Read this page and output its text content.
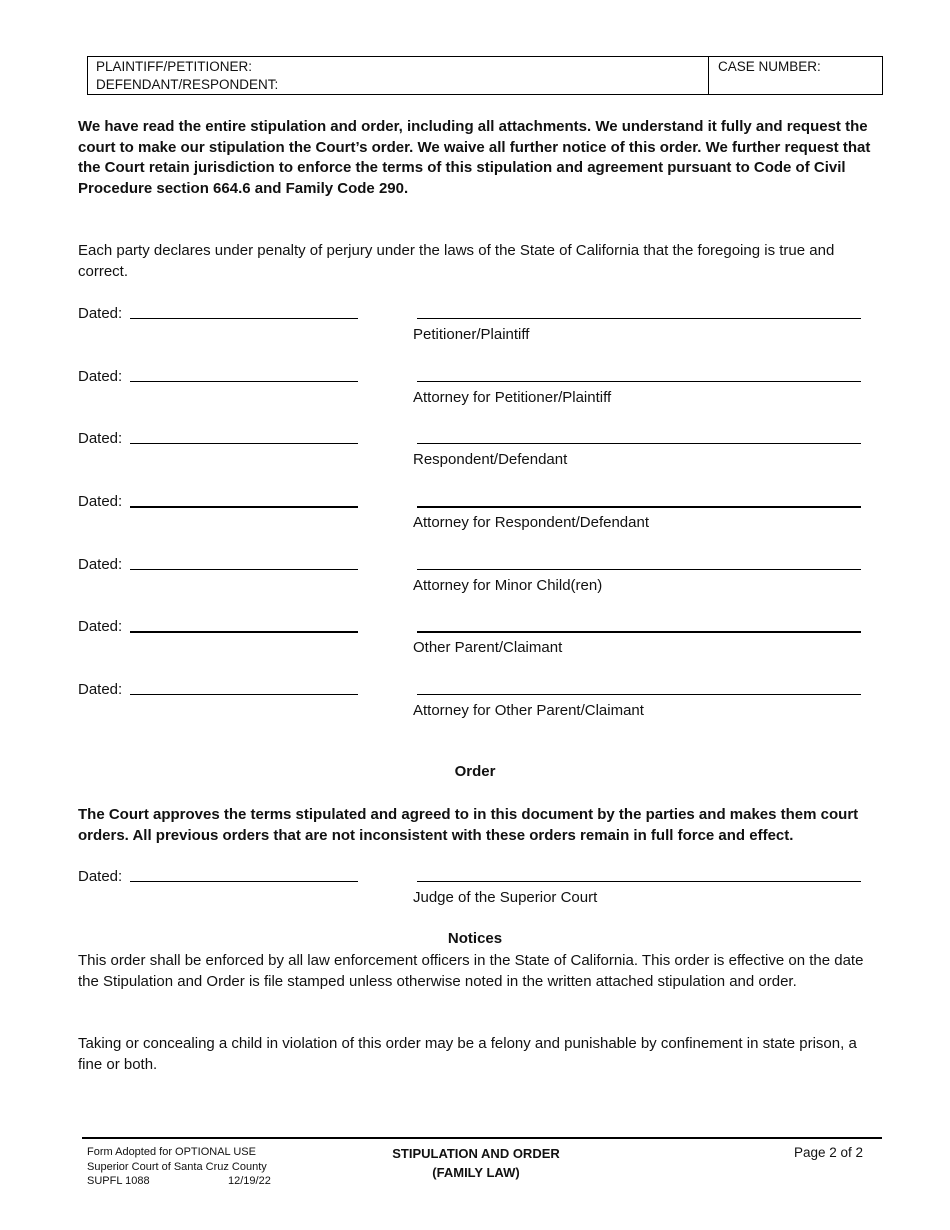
PLAINTIFF/PETITIONER:
DEFENDANT/RESPONDENT:
CASE NUMBER:
We have read the entire stipulation and order, including all attachments. We understand it fully and request the court to make our stipulation the Court’s order. We waive all further notice of this order. We further request that the Court retain jurisdiction to enforce the terms of this stipulation and agreement pursuant to Code of Civil Procedure section 664.6 and Family Code 290.
Each party declares under penalty of perjury under the laws of the State of California that the foregoing is true and correct.
Dated:
Petitioner/Plaintiff
Dated:
Attorney for Petitioner/Plaintiff
Dated:
Respondent/Defendant
Dated:
Attorney for Respondent/Defendant
Dated:
Attorney for Minor Child(ren)
Dated:
Other Parent/Claimant
Dated:
Attorney for Other Parent/Claimant
Order
The Court approves the terms stipulated and agreed to in this document by the parties and makes them court orders. All previous orders that are not inconsistent with these orders remain in full force and effect.
Dated:
Judge of the Superior Court
Notices
This order shall be enforced by all law enforcement officers in the State of California. This order is effective on the date the Stipulation and Order is file stamped unless otherwise noted in the written attached stipulation and order.
Taking or concealing a child in violation of this order may be a felony and punishable by confinement in state prison, a fine or both.
Form Adopted for OPTIONAL USE
Superior Court of Santa Cruz County
SUPFL 1088	12/19/22
STIPULATION AND ORDER
(FAMILY LAW)
Page 2 of 2
